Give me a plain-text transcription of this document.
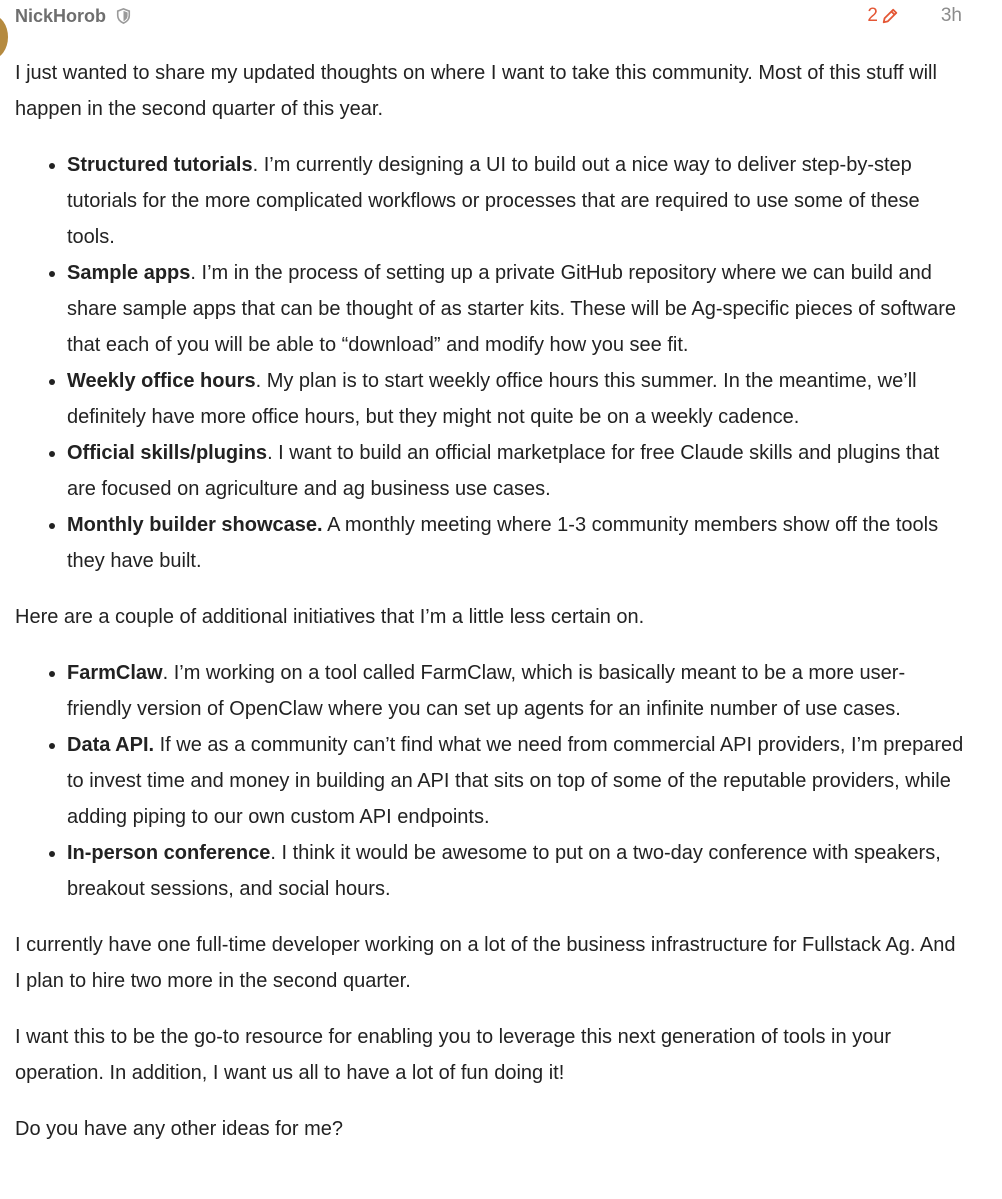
NickHorob	2	3h

I just wanted to share my updated thoughts on where I want to take this community. Most of this stuff will happen in the second quarter of this year.

• Structured tutorials. I’m currently designing a UI to build out a nice way to deliver step-by-step tutorials for the more complicated workflows or processes that are required to use some of these tools.
• Sample apps. I’m in the process of setting up a private GitHub repository where we can build and share sample apps that can be thought of as starter kits. These will be Ag-specific pieces of software that each of you will be able to “download” and modify how you see fit.
• Weekly office hours. My plan is to start weekly office hours this summer. In the meantime, we’ll definitely have more office hours, but they might not quite be on a weekly cadence.
• Official skills/plugins. I want to build an official marketplace for free Claude skills and plugins that are focused on agriculture and ag business use cases.
• Monthly builder showcase. A monthly meeting where 1-3 community members show off the tools they have built.

Here are a couple of additional initiatives that I’m a little less certain on.

• FarmClaw. I’m working on a tool called FarmClaw, which is basically meant to be a more user-friendly version of OpenClaw where you can set up agents for an infinite number of use cases.
• Data API. If we as a community can’t find what we need from commercial API providers, I’m prepared to invest time and money in building an API that sits on top of some of the reputable providers, while adding piping to our own custom API endpoints.
• In-person conference. I think it would be awesome to put on a two-day conference with speakers, breakout sessions, and social hours.

I currently have one full-time developer working on a lot of the business infrastructure for Fullstack Ag. And I plan to hire two more in the second quarter.

I want this to be the go-to resource for enabling you to leverage this next generation of tools in your operation. In addition, I want us all to have a lot of fun doing it!

Do you have any other ideas for me?
